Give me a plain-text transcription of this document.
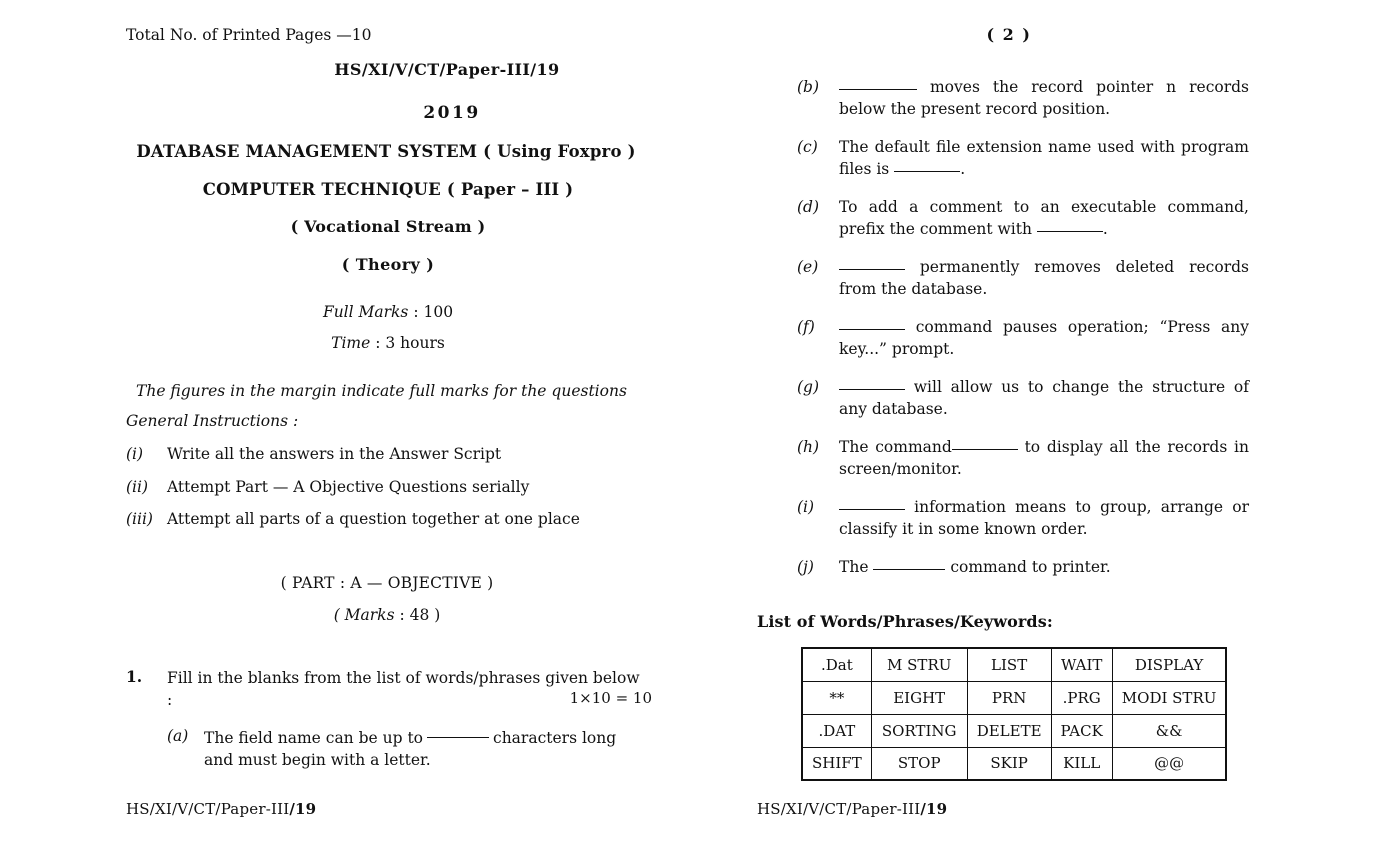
Total No. of Printed Pages —10
HS/XI/V/CT/Paper-III/19
2019
DATABASE MANAGEMENT SYSTEM ( Using Foxpro )
COMPUTER TECHNIQUE ( Paper – III )
( Vocational Stream )
( Theory )
Full Marks : 100
Time : 3 hours
The figures in the margin indicate full marks for the questions
General Instructions :
(i) Write all the answers in the Answer Script
(ii) Attempt Part — A Objective Questions serially
(iii) Attempt all parts of a question together at one place
( PART : A — OBJECTIVE )
( Marks : 48 )
1. Fill in the blanks from the list of words/phrases given below :	1×10 = 10
(a) The field name can be up to	characters long and must begin with a letter.
HS/XI/V/CT/Paper-III/19
( 2 )
(b)	moves the record pointer n records below the present record position.
(c) The default file extension name used with program files is	.
(d) To add a comment to an executable command, prefix the comment with	.
(e)	permanently removes deleted records from the database.
(f)	command pauses operation; “Press any key...” prompt.
(g)	will allow us to change the structure of any database.
(h) The command	to display all the records in screen/monitor.
(i)	information means to group, arrange or classify it in some known order.
(j) The	command to printer.
List of Words/Phrases/Keywords:
.Dat	M STRU	LIST	WAIT	DISPLAY
**	EIGHT	PRN	.PRG	MODI STRU
.DAT	SORTING	DELETE	PACK	&&
SHIFT	STOP	SKIP	KILL	@@
HS/XI/V/CT/Paper-III/19
